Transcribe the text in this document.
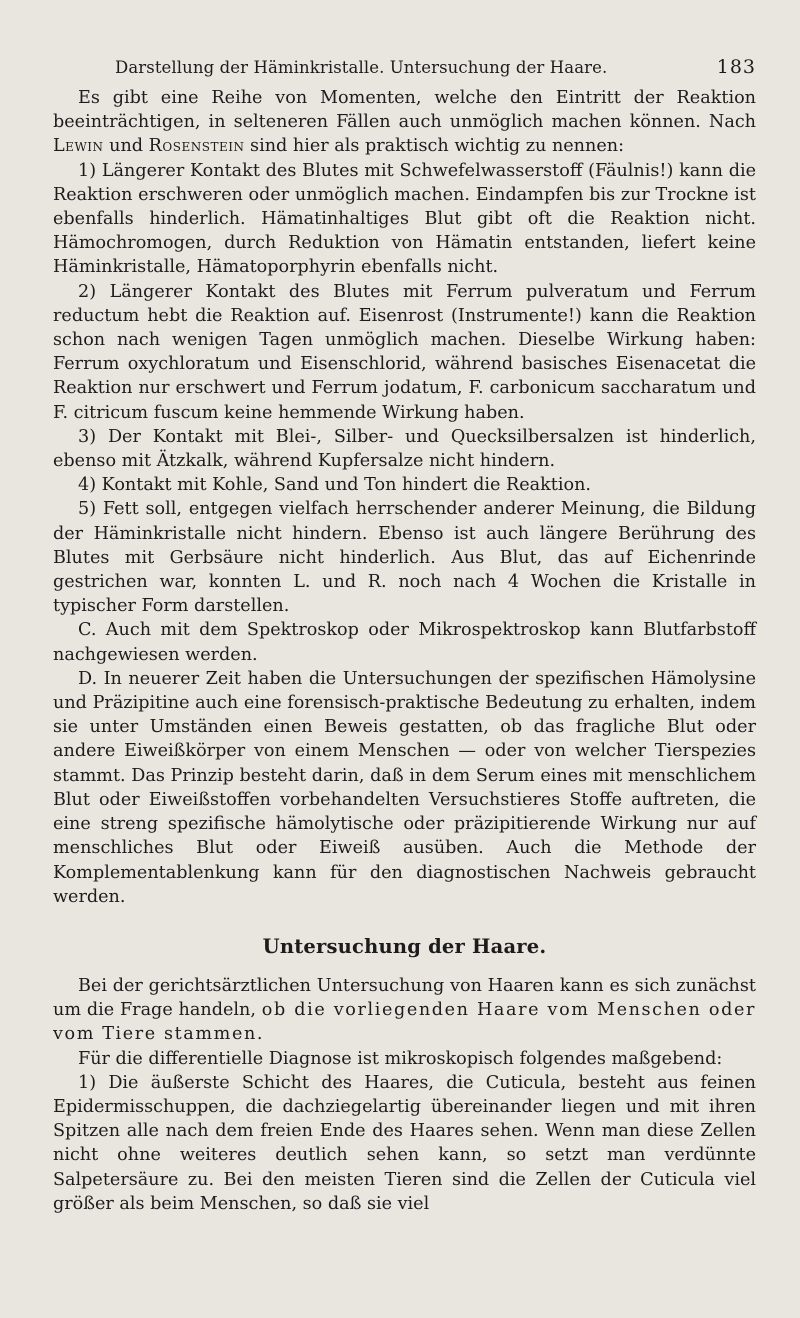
Darstellung der Häminkristalle. Untersuchung der Haare.	183

Es gibt eine Reihe von Momenten, welche den Eintritt der Reaktion beeinträchtigen, in selteneren Fällen auch unmöglich machen können. Nach Lewin und Rosenstein sind hier als praktisch wichtig zu nennen:

1) Längerer Kontakt des Blutes mit Schwefelwasserstoff (Fäulnis!) kann die Reaktion erschweren oder unmöglich machen. Eindampfen bis zur Trockne ist ebenfalls hinderlich. Hämatinhaltiges Blut gibt oft die Reaktion nicht. Hämochromogen, durch Reduktion von Hämatin entstanden, liefert keine Häminkristalle, Hämatoporphyrin ebenfalls nicht.

2) Längerer Kontakt des Blutes mit Ferrum pulveratum und Ferrum reductum hebt die Reaktion auf. Eisenrost (Instrumente!) kann die Reaktion schon nach wenigen Tagen unmöglich machen. Dieselbe Wirkung haben: Ferrum oxychloratum und Eisenschlorid, während basisches Eisenacetat die Reaktion nur erschwert und Ferrum jodatum, F. carbonicum saccharatum und F. citricum fuscum keine hemmende Wirkung haben.

3) Der Kontakt mit Blei-, Silber- und Quecksilbersalzen ist hinderlich, ebenso mit Ätzkalk, während Kupfersalze nicht hindern.

4) Kontakt mit Kohle, Sand und Ton hindert die Reaktion.

5) Fett soll, entgegen vielfach herrschender anderer Meinung, die Bildung der Häminkristalle nicht hindern. Ebenso ist auch längere Berührung des Blutes mit Gerbsäure nicht hinderlich. Aus Blut, das auf Eichenrinde gestrichen war, konnten L. und R. noch nach 4 Wochen die Kristalle in typischer Form darstellen.

C. Auch mit dem Spektroskop oder Mikrospektroskop kann Blutfarbstoff nachgewiesen werden.

D. In neuerer Zeit haben die Untersuchungen der spezifischen Hämolysine und Präzipitine auch eine forensisch-praktische Bedeutung zu erhalten, indem sie unter Umständen einen Beweis gestatten, ob das fragliche Blut oder andere Eiweißkörper von einem Menschen — oder von welcher Tierspezies stammt. Das Prinzip besteht darin, daß in dem Serum eines mit menschlichem Blut oder Eiweißstoffen vorbehandelten Versuchstieres Stoffe auftreten, die eine streng spezifische hämolytische oder präzipitierende Wirkung nur auf menschliches Blut oder Eiweiß ausüben. Auch die Methode der Komplementablenkung kann für den diagnostischen Nachweis gebraucht werden.

Untersuchung der Haare.

Bei der gerichtsärztlichen Untersuchung von Haaren kann es sich zunächst um die Frage handeln, ob die vorliegenden Haare vom Menschen oder vom Tiere stammen.

Für die differentielle Diagnose ist mikroskopisch folgendes maßgebend:

1) Die äußerste Schicht des Haares, die Cuticula, besteht aus feinen Epidermisschuppen, die dachziegelartig übereinander liegen und mit ihren Spitzen alle nach dem freien Ende des Haares sehen. Wenn man diese Zellen nicht ohne weiteres deutlich sehen kann, so setzt man verdünnte Salpetersäure zu. Bei den meisten Tieren sind die Zellen der Cuticula viel größer als beim Menschen, so daß sie viel
